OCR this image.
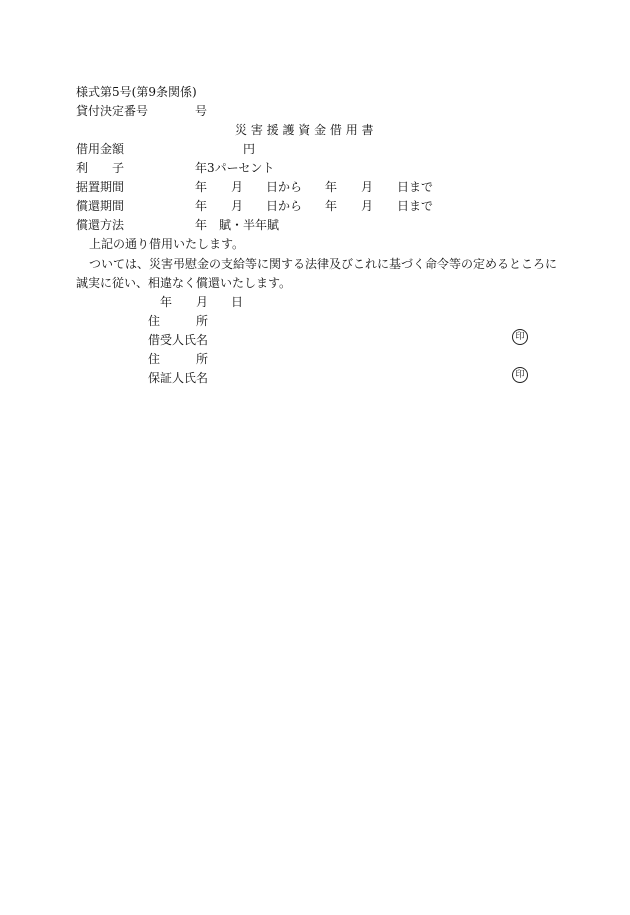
様式第5号(第9条関係)
貸付決定番号	号
災 害 援 護 資 金 借 用 書
借用金額	円
利　　子	年3パーセント
据置期間	年 月 日から 年 月 日まで
償還期間	年 月 日から 年 月 日まで
償還方法	年　賦・半年賦
上記の通り借用いたします。
ついては、災害弔慰金の支給等に関する法律及びこれに基づく命令等の定めるところに
誠実に従い、相違なく償還いたします。
年 月 日
住　　　所
借受人氏名	印
住　　　所
保証人氏名	印
